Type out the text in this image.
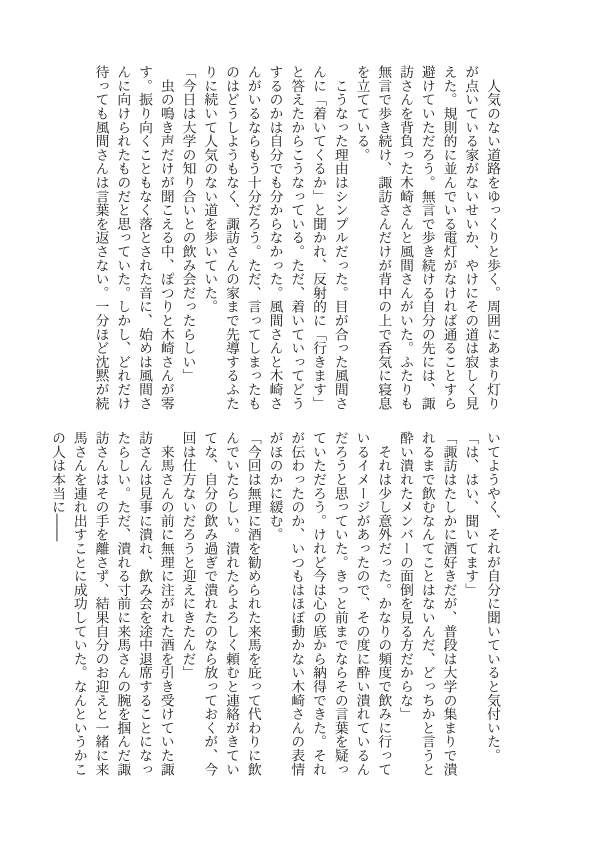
　人気のない道路をゆっくりと歩く。周囲にあまり灯りが点いている家がないせいか、やけにその道は寂しく見えた。規則的に並んでいる電灯がなければ通ることすら避けていただろう。無言で歩き続ける自分の先には、諏訪さんを背負った木崎さんと風間さんがいた。ふたりも無言で歩き続け、諏訪さんだけが背中の上で呑気に寝息を立てている。

　こうなった理由はシンプルだった。目が合った風間さんに「着いてくるか」と聞かれ、反射的に「行きます」と答えたからこうなっている。ただ、着いていってどうするのかは自分でも分からなかった。風間さんと木崎さんがいるならもう十分だろう。ただ、言ってしまったものはどうしようもなく、諏訪さんの家まで先導するふたりに続いて人気のない道を歩いていた。

「今日は大学の知り合いとの飲み会だったらしい」

　虫の鳴き声だけが聞こえる中、ぽつりと木崎さんが零す。振り向くこともなく落とされた音に、始めは風間さんに向けられたものだと思っていた。しかし、どれだけ待っても風間さんは言葉を返さない。一分ほど沈黙が続

いてようやく、それが自分に聞いていると気付いた。

「は、はい、聞いてます」

「諏訪はたしかに酒好きだが、普段は大学の集まりで潰れるまで飲むなんてことはないんだ、どっちかと言うと酔い潰れたメンバーの面倒を見る方だからな」

　それは少し意外だった。かなりの頻度で飲みに行っているイメージがあったので、その度に酔い潰れているんだろうと思っていた。きっと前までならその言葉を疑っていただろう。けれど今は心の底から納得できた。それが伝わったのか、いつもはほぼ動かない木崎さんの表情がほのかに緩む。

「今回は無理に酒を勧められた来馬を庇って代わりに飲んでいたらしい。潰れたらよろしく頼むと連絡がきていてな、自分の飲み過ぎで潰れたのなら放っておくが、今回は仕方ないだろうと迎えにきたんだ」

　来馬さんの前に無理に注がれた酒を引き受けていた諏訪さんは見事に潰れ、飲み会を途中退席することになったらしい。ただ、潰れる寸前に来馬さんの腕を掴んだ諏訪さんはその手を離さず、結果自分のお迎えと一緒に来馬さんを連れ出すことに成功していた。なんというかこの人は本当に――
